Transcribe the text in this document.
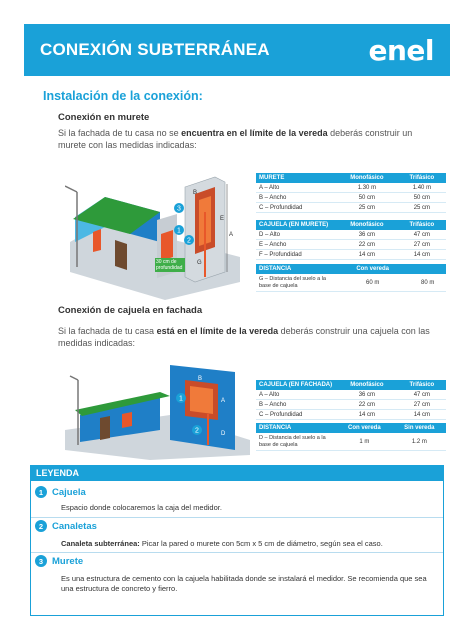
CONEXIÓN SUBTERRÁNEA	enel
Instalación de la conexión:
Conexión en murete
Si la fachada de tu casa no se encuentra en el límite de la vereda deberás construir un murete con las medidas indicadas:
1
3
2
B
E
A
G
30 cm de profundidad
MURETE	Monofásico	Trifásico
A – Alto	1.30 m	1.40 m
B – Ancho	50 cm	50 cm
C – Profundidad	25 cm	25 cm
CAJUELA (EN MURETE)	Monofásico	Trifásico
D – Alto	36 cm	47 cm
E – Ancho	22 cm	27 cm
F – Profundidad	14 cm	14 cm
DISTANCIA	Con vereda	
G – Distancia del suelo a la base de cajuela	60 m	80 m
Conexión de cajuela en fachada
Si la fachada de tu casa está en el límite de la vereda deberás construir una cajuela con las medidas indicadas:
1
2
B
A
D
CAJUELA (EN FACHADA)	Monofásico	Trifásico
A – Alto	36 cm	47 cm
B – Ancho	22 cm	27 cm
C – Profundidad	14 cm	14 cm
DISTANCIA	Con vereda	Sin vereda
D – Distancia del suelo a la base de cajuela	1 m	1.2 m
LEYENDA
1 Cajuela
Espacio donde colocaremos la caja del medidor.
2 Canaletas
Canaleta subterránea: Picar la pared o murete con 5cm x 5 cm de diámetro, según sea el caso.
3 Murete
Es una estructura de cemento con la cajuela habilitada donde se instalará el medidor. Se recomienda que sea una estructura de concreto y fierro.
